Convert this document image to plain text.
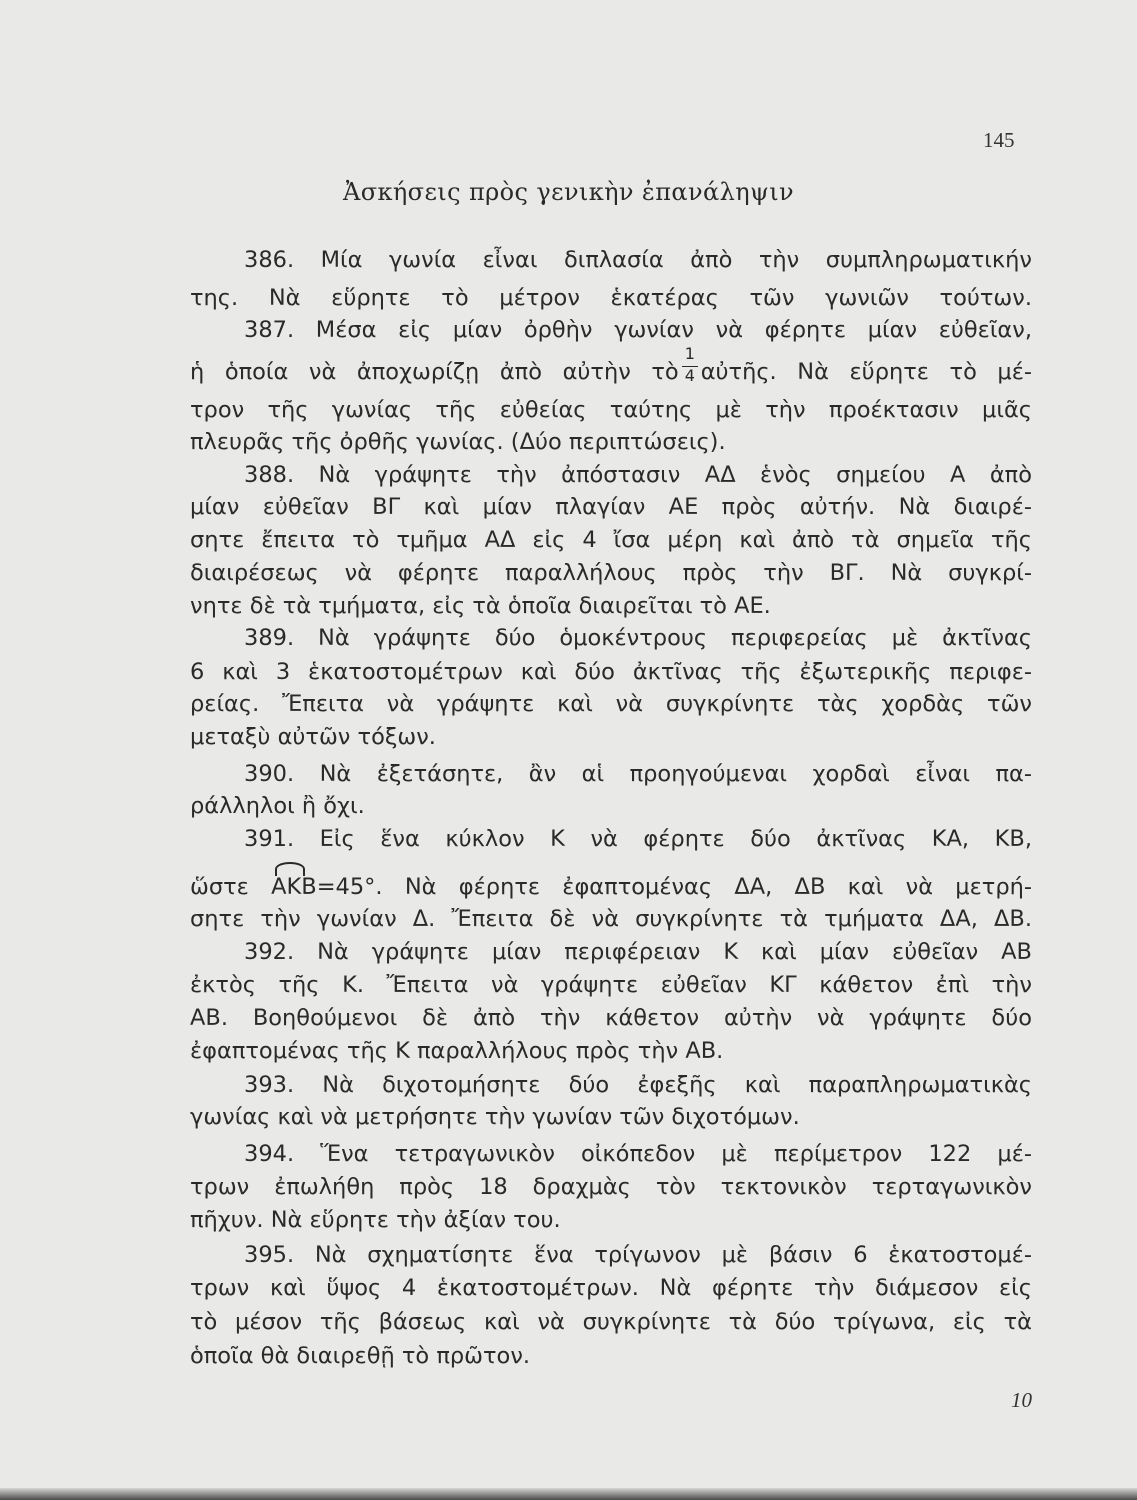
145
Ἀσκήσεις πρὸς γενικὴν ἐπανάληψιν
386. Μία γωνία εἶναι διπλασία ἀπὸ τὴν συμπληρωματικήν
της. Νὰ εὕρητε τὸ μέτρον ἑκατέρας τῶν γωνιῶν τούτων.
387. Μέσα εἰς μίαν ὀρθὴν γωνίαν νὰ φέρητε μίαν εὐθεῖαν,
ἡ ὁποία νὰ ἀποχωρίζῃ ἀπὸ αὐτὴν τὸ $\frac{1}{4}$ αὐτῆς. Νὰ εὕρητε τὸ μέ-
τρον τῆς γωνίας τῆς εὐθείας ταύτης μὲ τὴν προέκτασιν μιᾶς
πλευρᾶς τῆς ὀρθῆς γωνίας. (Δύο περιπτώσεις).
388. Νὰ γράψητε τὴν ἀπόστασιν ΑΔ ἑνὸς σημείου Α ἀπὸ
μίαν εὐθεῖαν ΒΓ καὶ μίαν πλαγίαν ΑΕ πρὸς αὐτήν. Νὰ διαιρέ-
σητε ἔπειτα τὸ τμῆμα ΑΔ εἰς 4 ἴσα μέρη καὶ ἀπὸ τὰ σημεῖα τῆς
διαιρέσεως νὰ φέρητε παραλλήλους πρὸς τὴν ΒΓ. Νὰ συγκρί-
νητε δὲ τὰ τμήματα, εἰς τὰ ὁποῖα διαιρεῖται τὸ ΑΕ.
389. Νὰ γράψητε δύο ὁμοκέντρους περιφερείας μὲ ἀκτῖνας
6 καὶ 3 ἑκατοστομέτρων καὶ δύο ἀκτῖνας τῆς ἐξωτερικῆς περιφε-
ρείας. Ἔπειτα νὰ γράψητε καὶ νὰ συγκρίνητε τὰς χορδὰς τῶν
μεταξὺ αὐτῶν τόξων.
390. Νὰ ἐξετάσητε, ἂν αἱ προηγούμεναι χορδαὶ εἶναι πα-
ράλληλοι ἢ ὄχι.
391. Εἰς ἕνα κύκλον Κ νὰ φέρητε δύο ἀκτῖνας ΚΑ, ΚΒ,
ὥστε ΑΚΒ=45°. Νὰ φέρητε ἐφαπτομένας ΔΑ, ΔΒ καὶ νὰ μετρή-
σητε τὴν γωνίαν Δ. Ἔπειτα δὲ νὰ συγκρίνητε τὰ τμήματα ΔΑ, ΔΒ.
392. Νὰ γράψητε μίαν περιφέρειαν Κ καὶ μίαν εὐθεῖαν ΑΒ
ἐκτὸς τῆς Κ. Ἔπειτα νὰ γράψητε εὐθεῖαν ΚΓ κάθετον ἐπὶ τὴν
ΑΒ. Βοηθούμενοι δὲ ἀπὸ τὴν κάθετον αὐτὴν νὰ γράψητε δύο
ἐφαπτομένας τῆς Κ παραλλήλους πρὸς τὴν ΑΒ.
393. Νὰ διχοτομήσητε δύο ἐφεξῆς καὶ παραπληρωματικὰς
γωνίας καὶ νὰ μετρήσητε τὴν γωνίαν τῶν διχοτόμων.
394. Ἕνα τετραγωνικὸν οἰκόπεδον μὲ περίμετρον 122 μέ-
τρων ἐπωλήθη πρὸς 18 δραχμὰς τὸν τεκτονικὸν τερταγωνικὸν
πῆχυν. Νὰ εὕρητε τὴν ἀξίαν του.
395. Νὰ σχηματίσητε ἕνα τρίγωνον μὲ βάσιν 6 ἑκατοστομέ-
τρων καὶ ὕψος 4 ἑκατοστομέτρων. Νὰ φέρητε τὴν διάμεσον εἰς
τὸ μέσον τῆς βάσεως καὶ νὰ συγκρίνητε τὰ δύο τρίγωνα, εἰς τὰ
ὁποῖα θὰ διαιρεθῇ τὸ πρῶτον.
10
